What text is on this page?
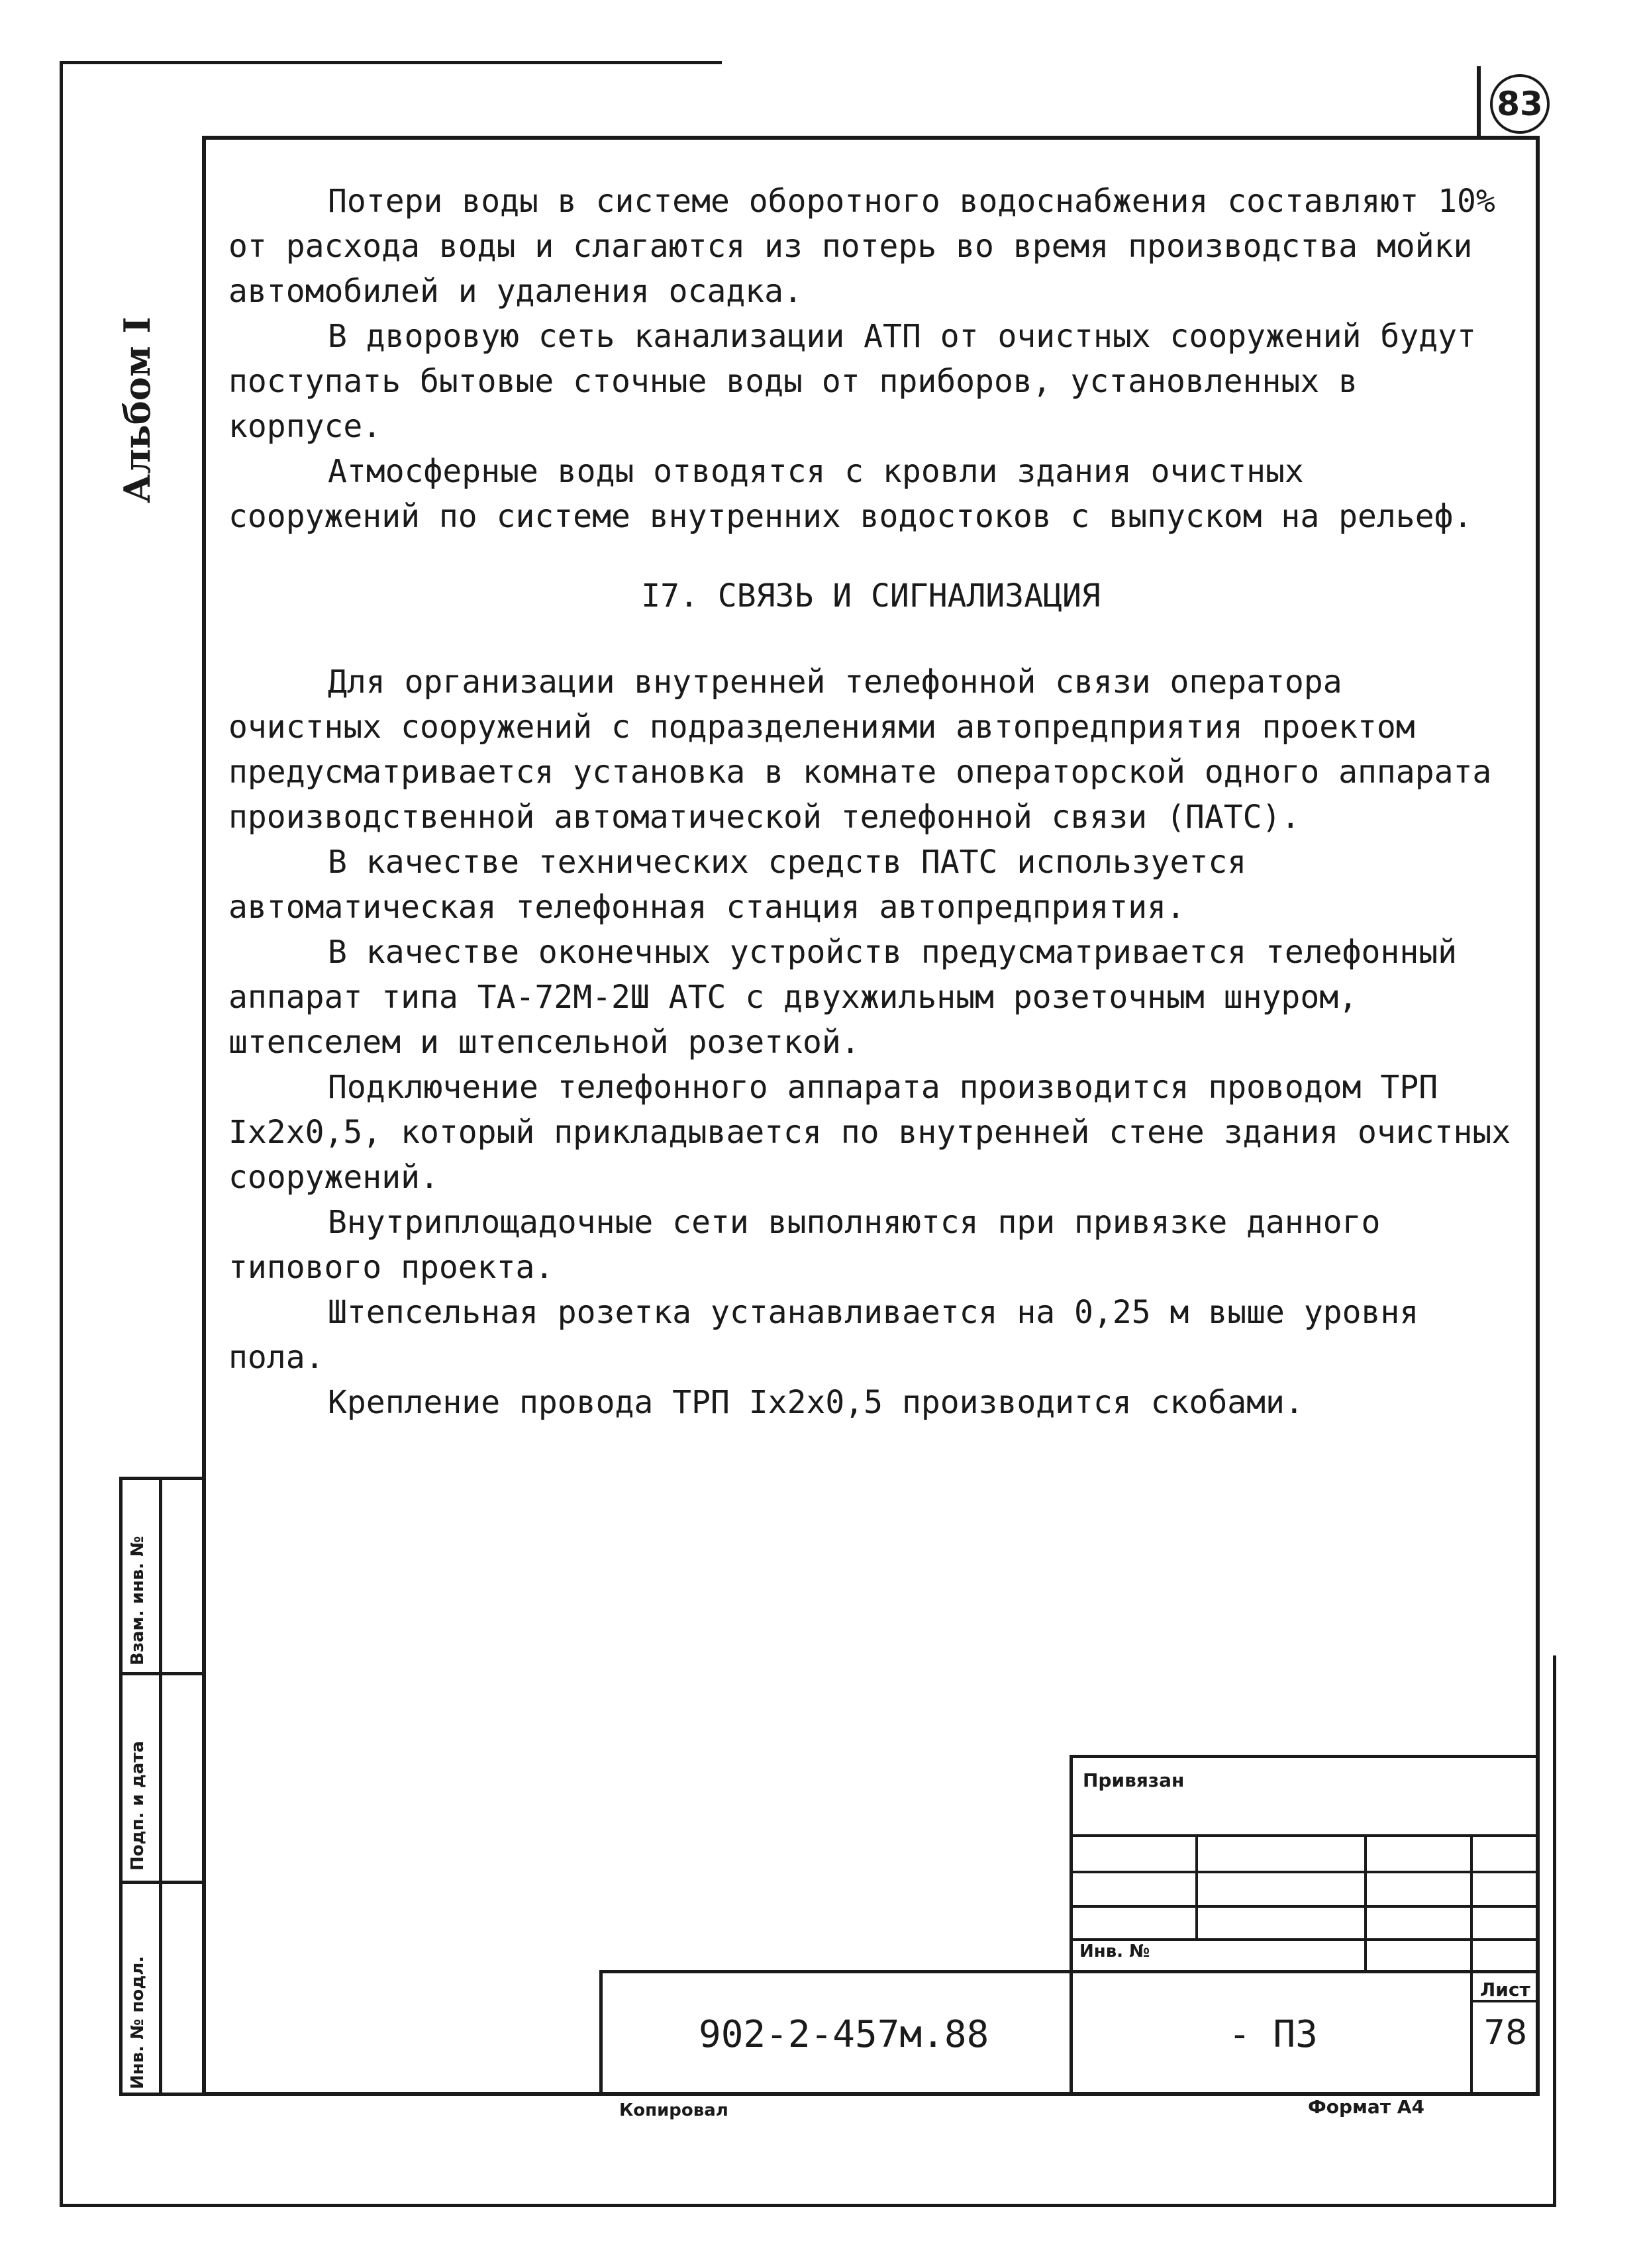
83
Альбом I
Взам. инв. №
Подп. и дата
Инв. № подл.

Потери воды в системе оборотного водоснабжения составляют 10% от расхода воды и слагаются из потерь во время производства мойки автомобилей и удаления осадка.

В дворовую сеть канализации АТП от очистных сооружений будут поступать бытовые сточные воды от приборов, установленных в корпусе.

Атмосферные воды отводятся с кровли здания очистных сооружений по системе внутренних водостоков с выпуском на рельеф.

I7. СВЯЗЬ И СИГНАЛИЗАЦИЯ

Для организации внутренней телефонной связи оператора очистных сооружений с подразделениями автопредприятия проектом предусматривается установка в комнате операторской одного аппарата производственной автоматической телефонной связи (ПАТС).

В качестве технических средств ПАТС используется автоматическая телефонная станция автопредприятия.

В качестве оконечных устройств предусматривается телефонный аппарат типа ТА-72М-2Ш АТС с двухжильным розеточным шнуром, штепселем и штепсельной розеткой.

Подключение телефонного аппарата производится проводом ТРП Iх2х0,5, который прикладывается по внутренней стене здания очистных сооружений.

Внутриплощадочные сети выполняются при привязке данного типового проекта.

Штепсельная розетка устанавливается на 0,25 м выше уровня пола.

Крепление провода ТРП Iх2х0,5 производится скобами.

Привязан
Инв. №
902-2-457м.88	- ПЗ
Лист
78
Копировал	Формат А4
